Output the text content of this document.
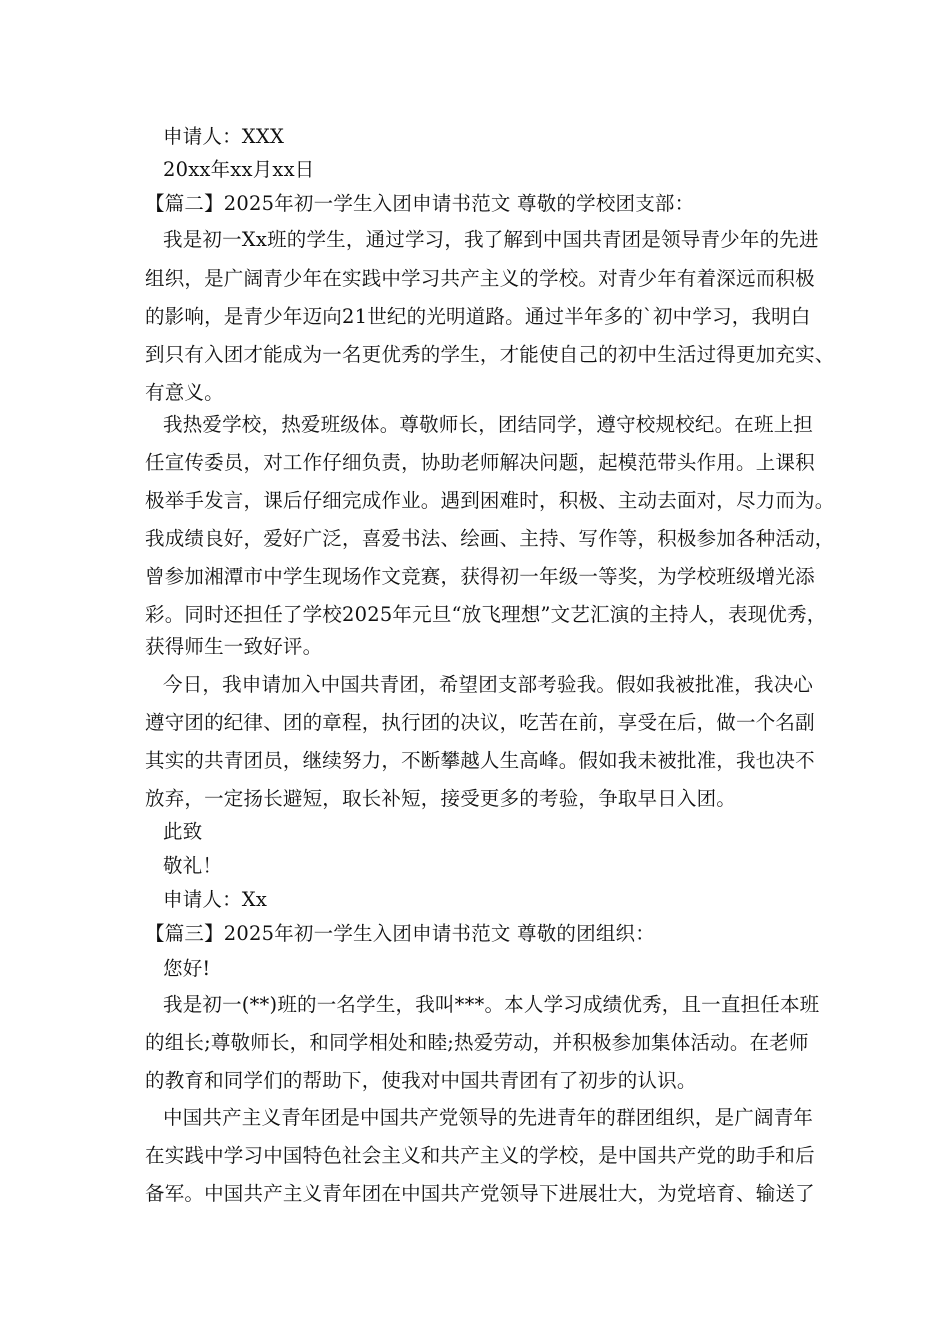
申请人：XXX
20xx年xx月xx日
【篇二】2025年初一学生入团申请书范文 尊敬的学校团支部：
我是初一Xx班的学生，通过学习，我了解到中国共青团是领导青少年的先进
组织，是广阔青少年在实践中学习共产主义的学校。对青少年有着深远而积极
的影响，是青少年迈向21世纪的光明道路。通过半年多的`初中学习，我明白
到只有入团才能成为一名更优秀的学生，才能使自己的初中生活过得更加充实、
有意义。
我热爱学校，热爱班级体。尊敬师长，团结同学，遵守校规校纪。在班上担
任宣传委员，对工作仔细负责，协助老师解决问题，起模范带头作用。上课积
极举手发言，课后仔细完成作业。遇到困难时，积极、主动去面对，尽力而为。
我成绩良好，爱好广泛，喜爱书法、绘画、主持、写作等，积极参加各种活动，
曾参加湘潭市中学生现场作文竞赛，获得初一年级一等奖，为学校班级增光添
彩。同时还担任了学校2025年元旦“放飞理想”文艺汇演的主持人，表现优秀，
获得师生一致好评。
今日，我申请加入中国共青团，希望团支部考验我。假如我被批准，我决心
遵守团的纪律、团的章程，执行团的决议，吃苦在前，享受在后，做一个名副
其实的共青团员，继续努力，不断攀越人生高峰。假如我未被批准，我也决不
放弃，一定扬长避短，取长补短，接受更多的考验，争取早日入团。
此致
敬礼！
申请人：Xx
【篇三】2025年初一学生入团申请书范文 尊敬的团组织：
您好!
我是初一(**)班的一名学生，我叫***。本人学习成绩优秀，且一直担任本班
的组长;尊敬师长，和同学相处和睦;热爱劳动，并积极参加集体活动。在老师
的教育和同学们的帮助下，使我对中国共青团有了初步的认识。
中国共产主义青年团是中国共产党领导的先进青年的群团组织，是广阔青年
在实践中学习中国特色社会主义和共产主义的学校，是中国共产党的助手和后
备军。中国共产主义青年团在中国共产党领导下进展壮大，为党培育、输送了
